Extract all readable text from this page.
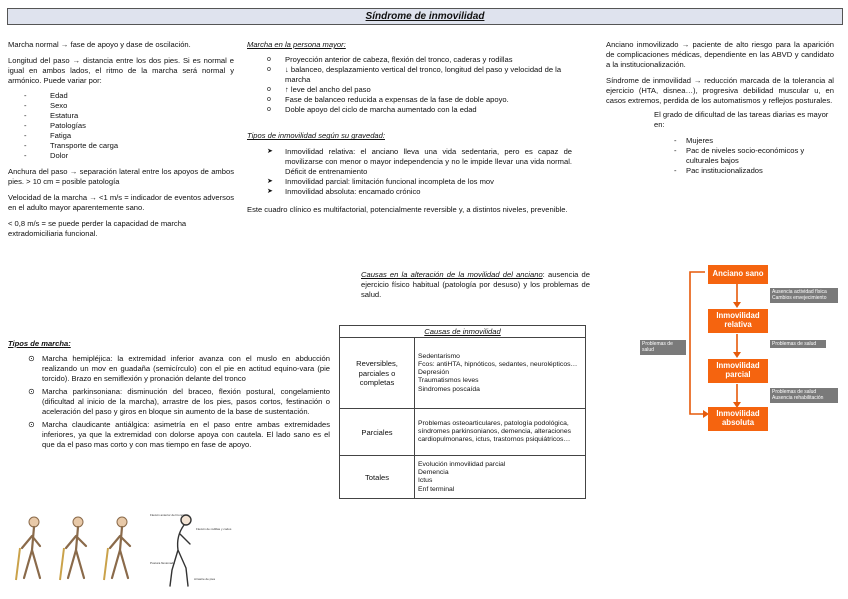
Síndrome de inmovilidad

Marcha normal → fase de apoyo y dase de oscilación.

Longitud del paso → distancia entre los dos pies. Si es normal e igual en ambos lados, el ritmo de la marcha será normal y armónico. Puede variar por:

- Edad
- Sexo
- Estatura
- Patologías
- Fatiga
- Transporte de carga
- Dolor

Anchura del paso → separación lateral entre los apoyos de ambos pies. > 10 cm = posible patología

Velocidad de la marcha → <1 m/s = indicador de eventos adversos en el adulto mayor aparentemente sano.

< 0,8 m/s = se puede perder la capacidad de marcha extradomiciliaria funcional.

Tipos de marcha:

⊙ Marcha hemipléjica: la extremidad inferior avanza con el muslo en abducción realizando un mov en guadaña (semicírculo) con el pie en actitud equino-vara (pie torcido). Brazo en semiflexión y pronación delante del tronco
⊙ Marcha parkinsoniana: disminución del braceo, flexión postural, congelamiento (dificultad al inicio de la marcha), arrastre de los pies, pasos cortos, festinación o aceleración del paso y giros en bloque sin aumento de la base de sustentación.
⊙ Marcha claudicante antiálgica: asimetría en el paso entre ambas extremidades inferiores, ya que la extremidad con dolorse apoya con cautela. El lado sano es el que da el paso mas corto y con mas tiempo en fase de apoyo.
Flexión anterior del tronco
Flexión de rodillas y codos
Arrastre de pies
Postura flexionada

Marcha en la persona mayor:

o Proyección anterior de cabeza, flexión del tronco, caderas y rodillas
o ↓ balanceo, desplazamiento vertical del tronco, longitud del paso y velocidad de la marcha
o ↑ leve del ancho del paso
o Fase de balanceo reducida a expensas de la fase de doble apoyo.
o Doble apoyo del ciclo de marcha aumentado con la edad

Tipos de inmovilidad según su gravedad:

➤ Inmovilidad relativa: el anciano lleva una vida sedentaria, pero es capaz de movilizarse con menor o mayor independencia y no le impide llevar una vida normal. Déficit de entrenamiento
➤ Inmovilidad parcial: limitación funcional incompleta de los mov
➤ Inmovilidad absoluta: encamado crónico

Este cuadro clínico es multifactorial, potencialmente reversible y, a distintos niveles, prevenible.

Causas en la alteración de la movilidad del anciano: ausencia de ejercicio físico habitual (patología por desuso) y los problemas de salud.

Causas de inmovilidad	
Reversibles, parciales o completas	Sedentarismo
Fcos: antiHTA, hipnóticos, sedantes, neurolépticos…
Depresión
Traumatismos leves
Sindromes poscaída

Parciales	Problemas osteoarticulares, patología podológica, síndromes parkinsonianos, demencia, alteraciones cardiopulmonares, ictus, trastornos psiquiátricos…

Totales	Evolución inmovilidad parcial
Demencia
Ictus
Enf terminal

Anciano inmovilizado → paciente de alto riesgo para la aparición de complicaciones médicas, dependiente en las ABVD y candidato a la institucionalización.

Síndrome de inmovilidad → reducción marcada de la tolerancia al ejercicio (HTA, disnea…), progresiva debilidad muscular u, en casos extremos, perdida de los automatismos y reflejos posturales.

El grado de dificultad de las tareas diarias es mayor en:

- Mujeres
- Pac de niveles socio-económicos y culturales bajos
- Pac institucionalizados
Anciano sano
Inmovilidad relativa
Inmovilidad parcial
Inmovilidad absoluta
Ausencia actividad física Cambios envejecimiento
Problemas de salud
Problemas de salud Ausencia rehabilitación
Problemas de salud
